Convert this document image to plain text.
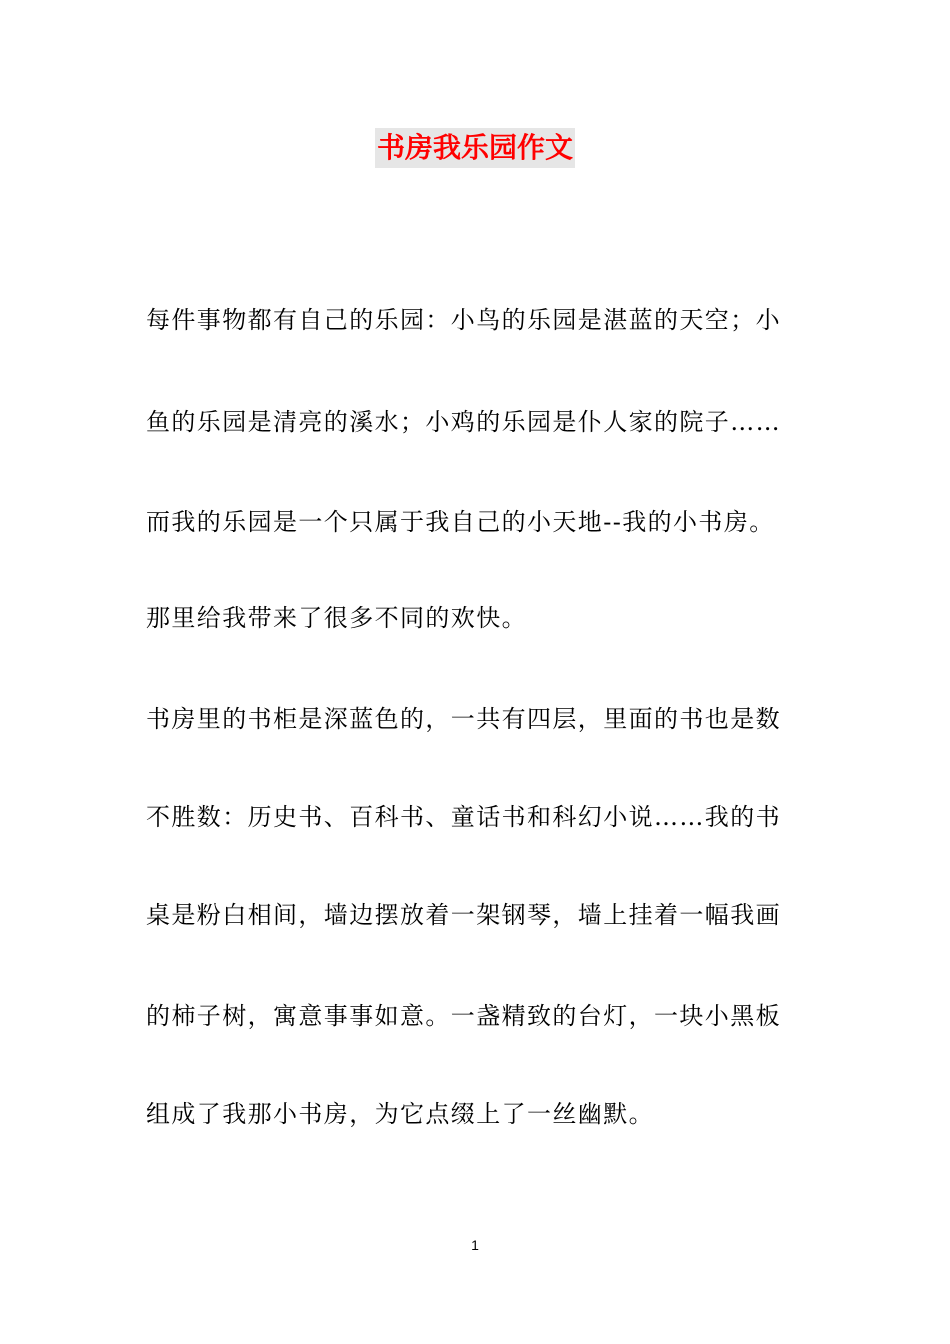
书房我乐园作文
每件事物都有自己的乐园：小鸟的乐园是湛蓝的天空；小
鱼的乐园是清亮的溪水；小鸡的乐园是仆人家的院子……
而我的乐园是一个只属于我自己的小天地--我的小书房。
那里给我带来了很多不同的欢快。
书房里的书柜是深蓝色的，一共有四层，里面的书也是数
不胜数：历史书、百科书、童话书和科幻小说……我的书
桌是粉白相间，墙边摆放着一架钢琴，墙上挂着一幅我画
的柿子树，寓意事事如意。一盏精致的台灯，一块小黑板
组成了我那小书房，为它点缀上了一丝幽默。
1
